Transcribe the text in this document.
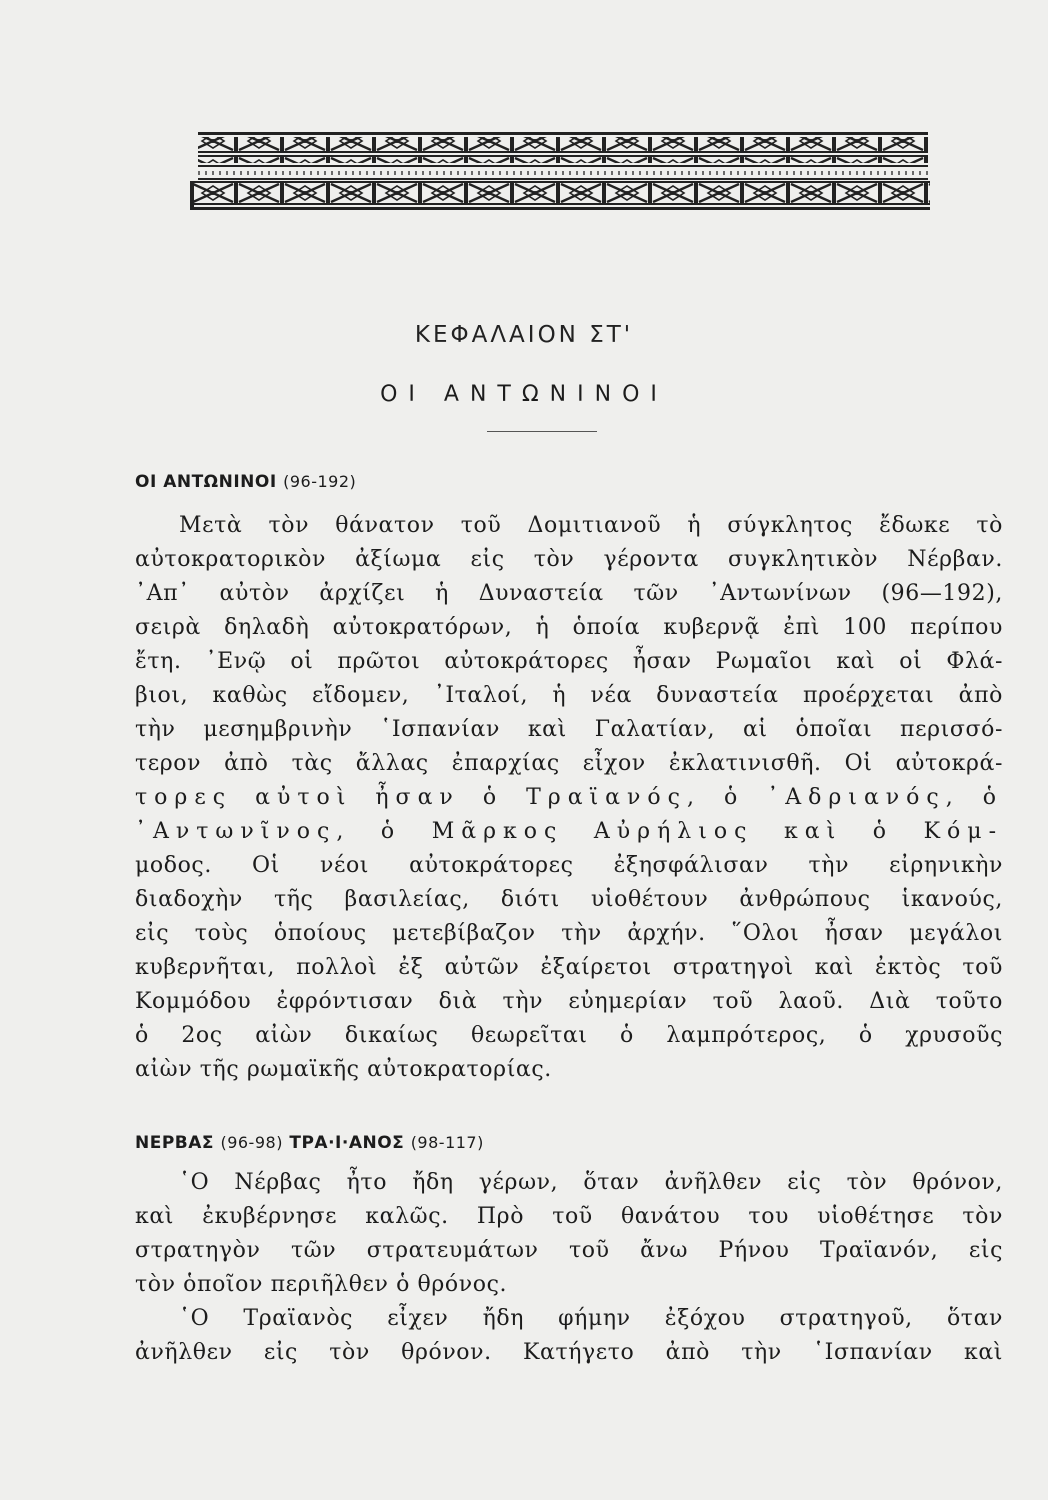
ΚΕΦΑΛΑΙΟΝ ΣΤ'
ΟΙ ΑΝΤΩΝΙΝΟΙ
ΟΙ ΑΝΤΩΝΙΝΟΙ (96-192)
Μετὰ τὸν θάνατον τοῦ Δομιτιανοῦ ἡ σύγκλητος ἔδωκε τὸ
αὐτοκρατορικὸν ἀξίωμα εἰς τὸν γέροντα συγκλητικὸν Νέρβαν.
᾿Απ᾿ αὐτὸν ἀρχίζει ἡ Δυναστεία τῶν ᾿Αντωνίνων (96—192),
σειρὰ δηλαδὴ αὐτοκρατόρων, ἡ ὁποία κυβερνᾷ ἐπὶ 100 περίπου
ἔτη. ᾿Ενῷ οἱ πρῶτοι αὐτοκράτορες ἦσαν Ρωμαῖοι καὶ οἱ Φλά-
βιοι, καθὼς εἴδομεν, ᾿Ιταλοί, ἡ νέα δυναστεία προέρχεται ἀπὸ
τὴν μεσημβρινὴν ῾Ισπανίαν καὶ Γαλατίαν, αἱ ὁποῖαι περισσό-
τερον ἀπὸ τὰς ἄλλας ἐπαρχίας εἶχον ἐκλατινισθῆ. Οἱ αὐτοκρά-
τορες αὐτοὶ ἦσαν ὁ Τραϊανός, ὁ ᾿Αδριανός, ὁ
᾿Αντωνῖνος, ὁ Μᾶρκος Αὐρήλιος καὶ ὁ Κόμ-
μοδος. Οἱ νέοι αὐτοκράτορες ἐξησφάλισαν τὴν εἰρηνικὴν
διαδοχὴν τῆς βασιλείας, διότι υἱοθέτουν ἀνθρώπους ἱκανούς,
εἰς τοὺς ὁποίους μετεβίβαζον τὴν ἀρχήν. ῞Ολοι ἦσαν μεγάλοι
κυβερνῆται, πολλοὶ ἐξ αὐτῶν ἐξαίρετοι στρατηγοὶ καὶ ἐκτὸς τοῦ
Κομμόδου ἐφρόντισαν διὰ τὴν εὐημερίαν τοῦ λαοῦ. Διὰ τοῦτο
ὁ 2ος αἰὼν δικαίως θεωρεῖται ὁ λαμπρότερος, ὁ χρυσοῦς
αἰὼν τῆς ρωμαϊκῆς αὐτοκρατορίας.
ΝΕΡΒΑΣ (96-98) ΤΡΑ·Ι·ΑΝΟΣ (98-117)
῾Ο Νέρβας ἦτο ἤδη γέρων, ὅταν ἀνῆλθεν εἰς τὸν θρόνον,
καὶ ἐκυβέρνησε καλῶς. Πρὸ τοῦ θανάτου του υἱοθέτησε τὸν
στρατηγὸν τῶν στρατευμάτων τοῦ ἄνω Ρήνου Τραϊανόν, εἰς
τὸν ὁποῖον περιῆλθεν ὁ θρόνος.
῾Ο Τραϊανὸς εἶχεν ἤδη φήμην ἐξόχου στρατηγοῦ, ὅταν
ἀνῆλθεν εἰς τὸν θρόνον. Κατήγετο ἀπὸ τὴν ῾Ισπανίαν καὶ
